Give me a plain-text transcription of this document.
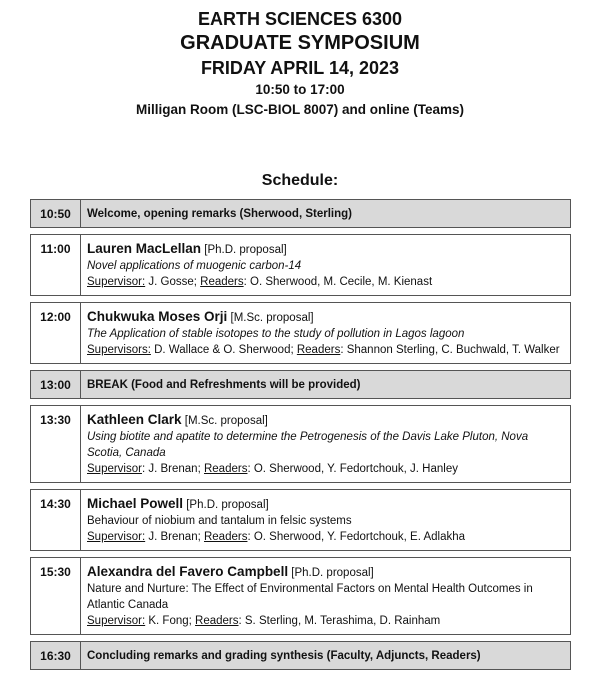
EARTH SCIENCES 6300
GRADUATE SYMPOSIUM
FRIDAY APRIL 14, 2023
10:50 to 17:00
Milligan Room (LSC-BIOL 8007) and online (Teams)
Schedule:
10:50	Welcome, opening remarks (Sherwood, Sterling)

11:00	Lauren MacLellan [Ph.D. proposal]
Novel applications of muogenic carbon-14
Supervisor: J. Gosse; Readers: O. Sherwood, M. Cecile, M. Kienast

12:00	Chukwuka Moses Orji [M.Sc. proposal]
The Application of stable isotopes to the study of pollution in Lagos lagoon
Supervisors: D. Wallace & O. Sherwood; Readers: Shannon Sterling, C. Buchwald, T. Walker

13:00	BREAK (Food and Refreshments will be provided)

13:30	Kathleen Clark [M.Sc. proposal]
Using biotite and apatite to determine the Petrogenesis of the Davis Lake Pluton, Nova Scotia, Canada
Supervisor: J. Brenan; Readers: O. Sherwood, Y. Fedortchouk, J. Hanley

14:30	Michael Powell [Ph.D. proposal]
Behaviour of niobium and tantalum in felsic systems
Supervisor: J. Brenan; Readers: O. Sherwood, Y. Fedortchouk, E. Adlakha

15:30	Alexandra del Favero Campbell [Ph.D. proposal]
Nature and Nurture: The Effect of Environmental Factors on Mental Health Outcomes in Atlantic Canada
Supervisor: K. Fong; Readers: S. Sterling, M. Terashima, D. Rainham

16:30	Concluding remarks and grading synthesis (Faculty, Adjuncts, Readers)
